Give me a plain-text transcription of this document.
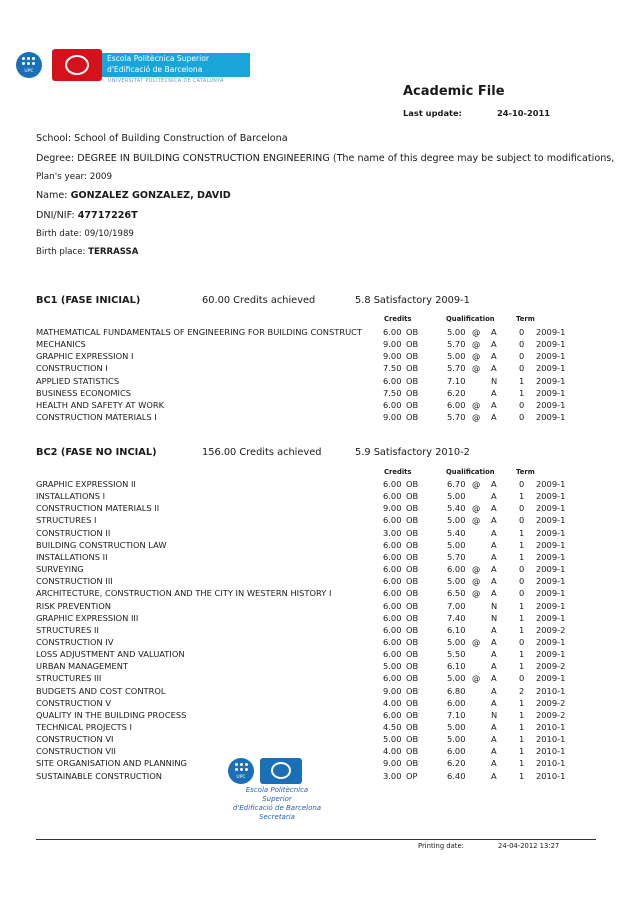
UPC
Escola Politècnica Superior
d'Edificació de Barcelona
UNIVERSITAT POLITÈCNICA DE CATALUNYA
Academic File
Last update:	24-10-2011
School: School of Building Construction of Barcelona
Degree: DEGREE IN BUILDING CONSTRUCTION ENGINEERING (The name of this degree may be subject to modifications,
Plan's year: 2009
Name: GONZALEZ GONZALEZ, DAVID
DNI/NIF: 47717226T
Birth date: 09/10/1989
Birth place: TERRASSA
BC1 (FASE INICIAL)	60.00 Credits achieved	5.8 Satisfactory 2009-1
Credits	Qualification	Term
MATHEMATICAL FUNDAMENTALS OF ENGINEERING FOR BUILDING CONSTRUCT	6.00 OB	5.00 @ A	0 2009-1
MECHANICS	9.00 OB	5.70 @ A	0 2009-1
GRAPHIC EXPRESSION I	9.00 OB	5.00 @ A	0 2009-1
CONSTRUCTION I	7.50 OB	5.70 @ A	0 2009-1
APPLIED STATISTICS	6.00 OB	7.10	N	1 2009-1
BUSINESS ECONOMICS	7.50 OB	6.20	A	1 2009-1
HEALTH AND SAFETY AT WORK	6.00 OB	6.00 @ A	0 2009-1
CONSTRUCTION MATERIALS I	9.00 OB	5.70 @ A	0 2009-1
BC2 (FASE NO INCIAL)	156.00 Credits achieved	5.9 Satisfactory 2010-2
Credits	Qualification	Term
GRAPHIC EXPRESSION II	6.00 OB	6.70 @ A	0 2009-1
INSTALLATIONS I	6.00 OB	5.00	A	1 2009-1
CONSTRUCTION MATERIALS II	9.00 OB	5.40 @ A	0 2009-1
STRUCTURES I	6.00 OB	5.00 @ A	0 2009-1
CONSTRUCTION II	3.00 OB	5.40	A	1 2009-1
BUILDING CONSTRUCTION LAW	6.00 OB	5.00	A	1 2009-1
INSTALLATIONS II	6.00 OB	5.70	A	1 2009-1
SURVEYING	6.00 OB	6.00 @ A	0 2009-1
CONSTRUCTION III	6.00 OB	5.00 @ A	0 2009-1
ARCHITECTURE, CONSTRUCTION AND THE CITY IN WESTERN HISTORY I	6.00 OB	6.50 @ A	0 2009-1
RISK PREVENTION	6.00 OB	7.00	N	1 2009-1
GRAPHIC EXPRESSION III	6.00 OB	7.40	N	1 2009-1
STRUCTURES II	6.00 OB	6.10	A	1 2009-2
CONSTRUCTION IV	6.00 OB	5.00 @ A	0 2009-1
LOSS ADJUSTMENT AND VALUATION	6.00 OB	5.50	A	1 2009-1
URBAN MANAGEMENT	5.00 OB	6.10	A	1 2009-2
STRUCTURES III	6.00 OB	5.00 @ A	0 2009-1
BUDGETS AND COST CONTROL	9.00 OB	6.80	A	2 2010-1
CONSTRUCTION V	4.00 OB	6.00	A	1 2009-2
QUALITY IN THE BUILDING PROCESS	6.00 OB	7.10	N	1 2009-2
TECHNICAL PROJECTS I	4.50 OB	5.00	A	1 2010-1
CONSTRUCTION VI	5.00 OB	5.00	A	1 2010-1
CONSTRUCTION VII	4.00 OB	6.00	A	1 2010-1
SITE ORGANISATION AND PLANNING	9.00 OB	6.20	A	1 2010-1
SUSTAINABLE CONSTRUCTION	3.00 OP	6.40	A	1 2010-1
UPC
Escola Politècnica Superior
d'Edificació de Barcelona
Secretaria
Printing date:	24-04-2012 13:27
